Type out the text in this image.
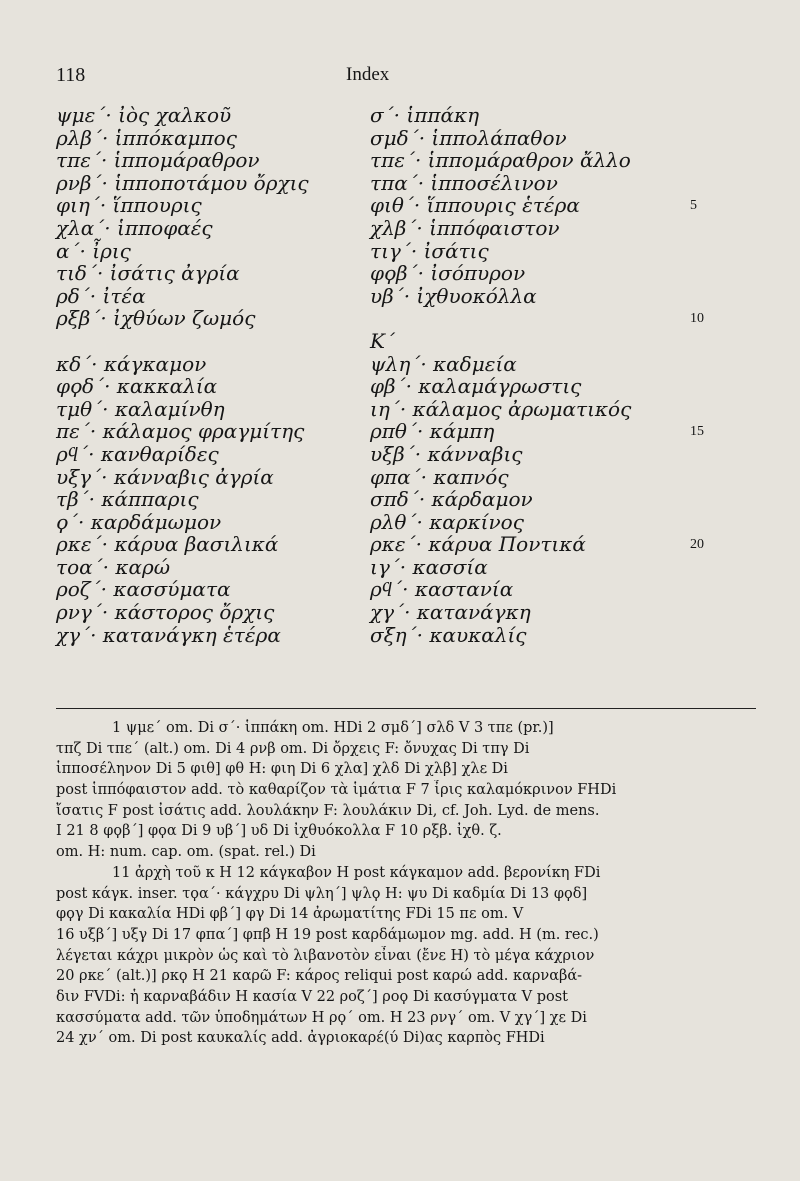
118	Index
ψμε΄· ἰὸς χαλκοῦ
ρλβ΄· ἱππόκαμπος
τπε΄· ἱππομάραθρον
ρνβ΄· ἱπποποτάμου ὄρχις
φιη΄· ἵππουρις
χλα΄· ἱπποφαές
α΄· ἶρις
τιδ΄· ἰσάτις ἀγρία
ρδ΄· ἰτέα
ρξβ΄· ἰχθύων ζωμός
κδ΄· κάγκαμον
φϙδ΄· κακκαλία
τμθ΄· καλαμίνθη
πε΄· κάλαμος φραγμίτης
ρϥ΄· κανθαρίδες
υξγ΄· κάνναβις ἀγρία
τβ΄· κάππαρις
ϙ΄· καρδάμωμον
ρκε΄· κάρυα βασιλικά
τοα΄· καρώ
ροζ΄· κασσύματα
ρνγ΄· κάστορος ὄρχις
χγ΄· κατανάγκη ἑτέρα
σ΄· ἱππάκη
σμδ΄· ἱππολάπαθον
τπε΄· ἱππομάραθρον ἄλλο
τπα΄· ἱπποσέλινον
φιθ΄· ἵππουρις ἑτέρα
χλβ΄· ἱππόφαιστον
τιγ΄· ἰσάτις
φϙβ΄· ἰσόπυρον
υβ΄· ἰχθυοκόλλα
Κ΄
ψλη΄· καδμεία
φβ΄· καλαμάγρωστις
ιη΄· κάλαμος ἀρωματικός
ρπθ΄· κάμπη
υξβ΄· κάνναβις
φπα΄· καπνός
σπδ΄· κάρδαμον
ρλθ΄· καρκίνος
ρκε΄· κάρυα Ποντικά
ιγ΄· κασσία
ρϥ΄· καστανία
χγ΄· κατανάγκη
σξη΄· καυκαλίς
5
10
15
20
1 ψμε΄ om. Di σ΄· ἱππάκη om. HDi 2 σμδ΄] σλδ V 3 τπε (pr.)]
τπζ Di τπε΄ (alt.) om. Di 4 ρνβ om. Di ὄρχεις F: ὄνυχας Di τπγ Di
ἱπποσέληνον Di 5 φιθ] φθ H: φιη Di 6 χλα] χλδ Di χλβ] χλε Di
post ἱππόφαιστον add. τὸ καθαρίζον τὰ ἱμάτια F 7 ἶρις καλαμόκρινον FHDi
ἴσατις F post ἰσάτις add. λουλάκην F: λουλάκιν Di, cf. Joh. Lyd. de mens.
I 21 8 φϙβ΄] φϙα Di 9 υβ΄] υδ Di ἰχθυόκολλα F 10 ρξβ. ἰχθ. ζ.
om. H: num. cap. om. (spat. rel.) Di
11 ἀρχὴ τοῦ κ H 12 κάγκαβον H post κάγκαμον add. βερονίκη FDi
post κάγκ. inser. τϙα΄· κάγχρυ Di ψλη΄] ψλϙ H: ψυ Di καδμία Di 13 φϙδ]
φϙγ Di κακαλία HDi φβ΄] φγ Di 14 ἀρωματίτης FDi 15 πε om. V
16 υξβ΄] υξγ Di 17 φπα΄] φπβ H 19 post καρδάμωμον mg. add. H (m. rec.)
λέγεται κάχρι μικρὸν ὡς καὶ τὸ λιβανοτὸν εἶναι (ἔνε H) τὸ μέγα κάχριον
20 ρκε΄ (alt.)] ρκϙ H 21 καρῶ F: κάρος reliqui post καρώ add. καρναβά-
διν FVDi: ἡ καρναβάδιν H κασία V 22 ροζ΄] ροϙ Di κασύγματα V post
κασσύματα add. τῶν ὑποδημάτων H ρϙ΄ om. H 23 ρνγ΄ om. V χγ΄] χε Di
24 χν΄ om. Di post καυκαλίς add. ἀγριοκαρέ(ύ Di)ας καρπὸς FHDi
